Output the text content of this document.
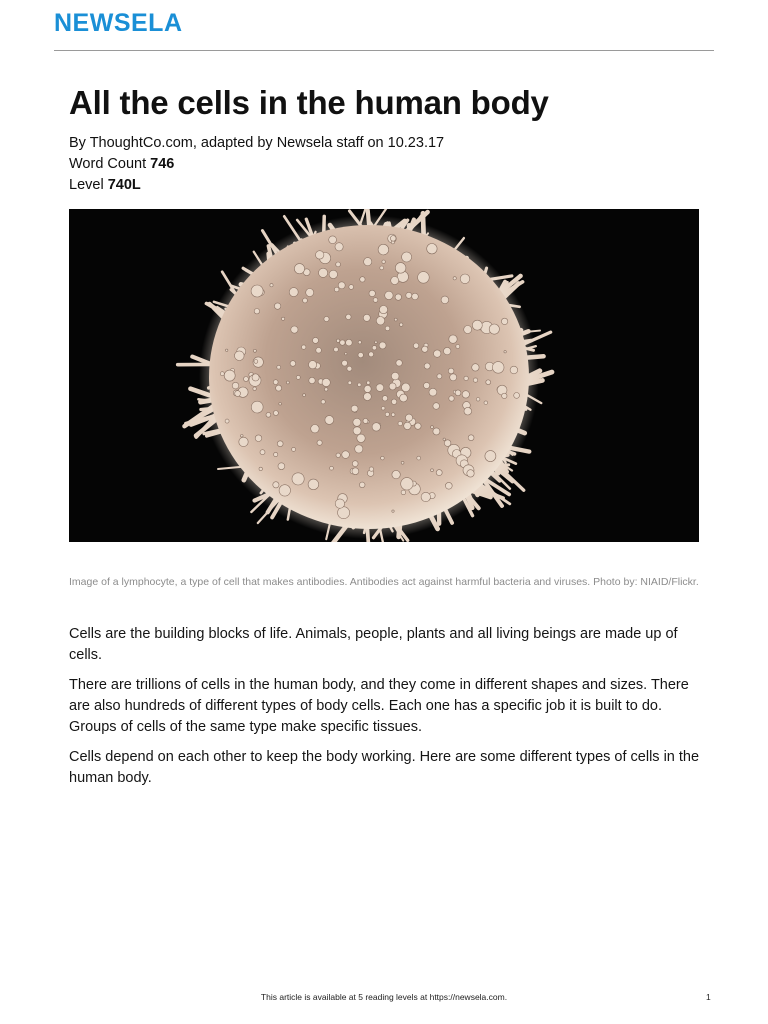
NEWSELA
All the cells in the human body
By ThoughtCo.com, adapted by Newsela staff on 10.23.17
Word Count 746
Level 740L
Image of a lymphocyte, a type of cell that makes antibodies. Antibodies act against harmful bacteria and viruses. Photo by: NIAID/Flickr.

Cells are the building blocks of life. Animals, people, plants and all living beings are made up of cells.

There are trillions of cells in the human body, and they come in different shapes and sizes. There are also hundreds of different types of body cells. Each one has a specific job it is built to do. Groups of cells of the same type make specific tissues.

Cells depend on each other to keep the body working. Here are some different types of cells in the human body.

This article is available at 5 reading levels at https://newsela.com.	1
